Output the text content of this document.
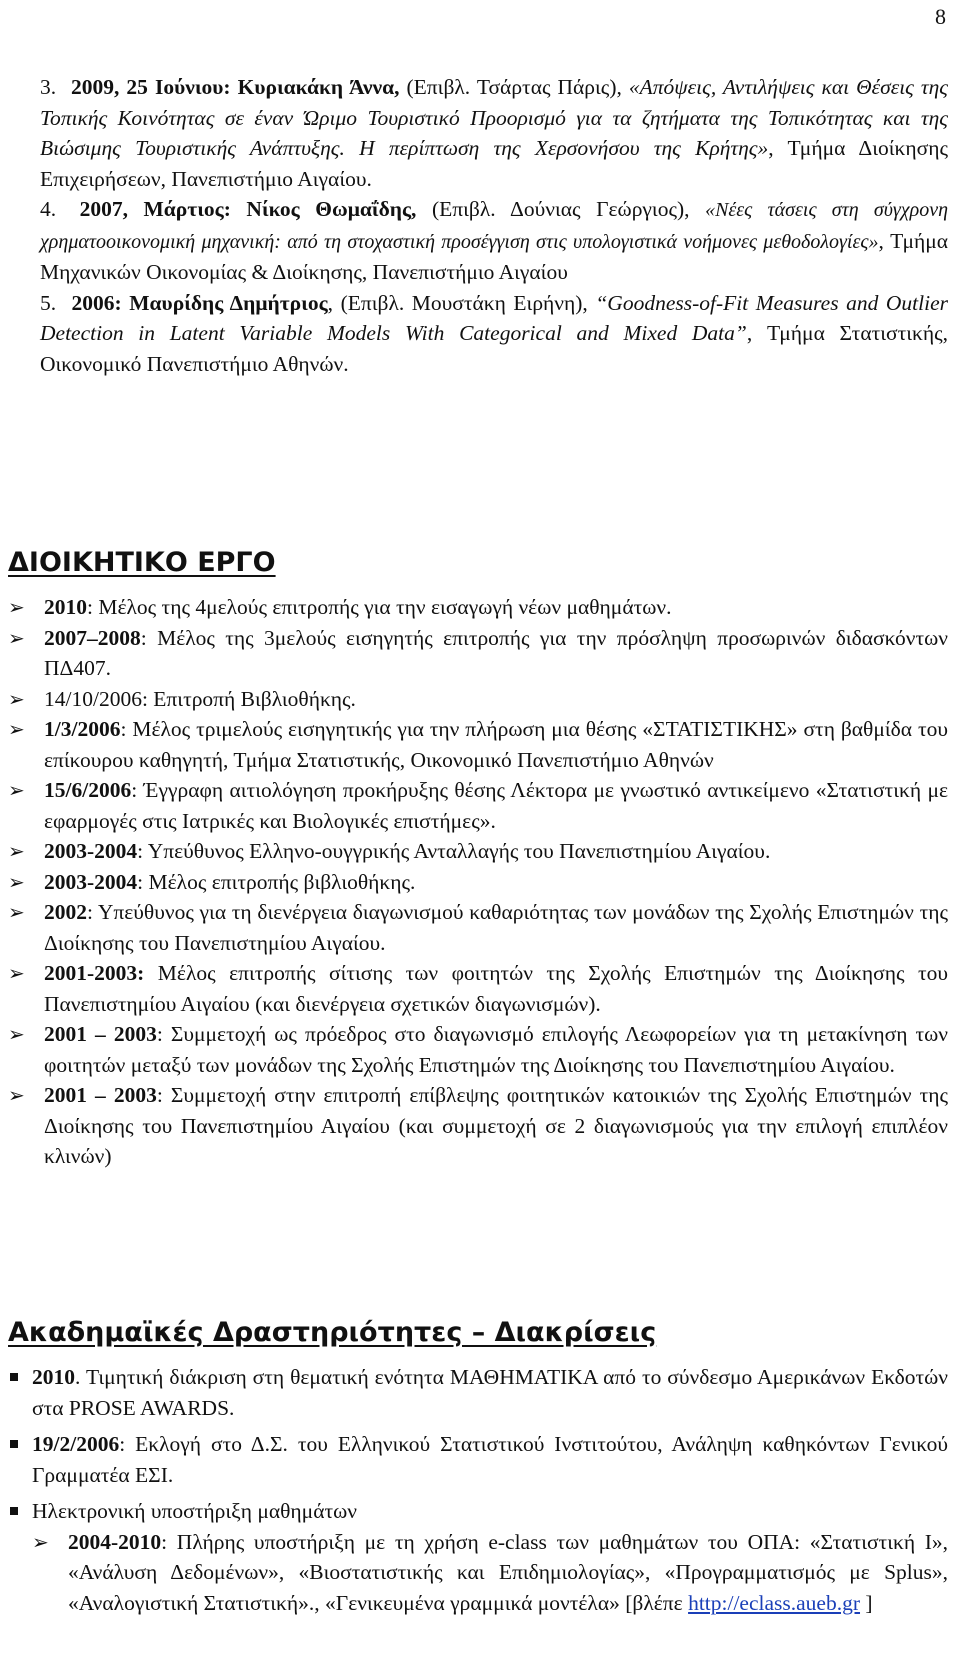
8
3. 2009, 25 Ιούνιου: Κυριακάκη Άννα, (Επιβλ. Τσάρτας Πάρις), «Απόψεις, Αντιλήψεις και Θέσεις της Τοπικής Κοινότητας σε έναν Ώριμο Τουριστικό Προορισμό για τα ζητήματα της Τοπικότητας και της Βιώσιμης Τουριστικής Ανάπτυξης. Η περίπτωση της Χερσονήσου της Κρήτης», Τμήμα Διοίκησης Επιχειρήσεων, Πανεπιστήμιο Αιγαίου.
4. 2007, Μάρτιος: Νίκος Θωμαΐδης, (Επιβλ. Δούνιας Γεώργιος), «Νέες τάσεις στη σύγχρονη χρηματοοικονομική μηχανική: από τη στοχαστική προσέγγιση στις υπολογιστικά νοήμονες μεθοδολογίες», Τμήμα Μηχανικών Οικονομίας & Διοίκησης, Πανεπιστήμιο Αιγαίου
5. 2006: Μαυρίδης Δημήτριος, (Επιβλ. Μουστάκη Ειρήνη), “Goodness-of-Fit Measures and Outlier Detection in Latent Variable Models With Categorical and Mixed Data”, Τμήμα Στατιστικής, Οικονομικό Πανεπιστήμιο Αθηνών.
ΔΙΟΙΚΗΤΙΚΟ ΕΡΓΟ
➢ 2010: Μέλος της 4μελούς επιτροπής για την εισαγωγή νέων μαθημάτων.
➢ 2007–2008: Μέλος της 3μελούς εισηγητής επιτροπής για την πρόσληψη προσωρινών διδασκόντων ΠΔ407.
➢ 14/10/2006: Επιτροπή Βιβλιοθήκης.
➢ 1/3/2006: Μέλος τριμελούς εισηγητικής για την πλήρωση μια θέσης «ΣΤΑΤΙΣΤΙΚΗΣ» στη βαθμίδα του επίκουρου καθηγητή, Τμήμα Στατιστικής, Οικονομικό Πανεπιστήμιο Αθηνών
➢ 15/6/2006: Έγγραφη αιτιολόγηση προκήρυξης θέσης Λέκτορα με γνωστικό αντικείμενο «Στατιστική με εφαρμογές στις Ιατρικές και Βιολογικές επιστήμες».
➢ 2003-2004: Υπεύθυνος Ελληνο-ουγγρικής Ανταλλαγής του Πανεπιστημίου Αιγαίου.
➢ 2003-2004: Μέλος επιτροπής βιβλιοθήκης.
➢ 2002: Υπεύθυνος για τη διενέργεια διαγωνισμού καθαριότητας των μονάδων της Σχολής Επιστημών της Διοίκησης του Πανεπιστημίου Αιγαίου.
➢ 2001-2003: Μέλος επιτροπής σίτισης των φοιτητών της Σχολής Επιστημών της Διοίκησης του Πανεπιστημίου Αιγαίου (και διενέργεια σχετικών διαγωνισμών).
➢ 2001 – 2003: Συμμετοχή ως πρόεδρος στο διαγωνισμό επιλογής Λεωφορείων για τη μετακίνηση των φοιτητών μεταξύ των μονάδων της Σχολής Επιστημών της Διοίκησης του Πανεπιστημίου Αιγαίου.
➢ 2001 – 2003: Συμμετοχή στην επιτροπή επίβλεψης φοιτητικών κατοικιών της Σχολής Επιστημών της Διοίκησης του Πανεπιστημίου Αιγαίου (και συμμετοχή σε 2 διαγωνισμούς για την επιλογή επιπλέον κλινών)
Ακαδημαϊκές Δραστηριότητες – Διακρίσεις
2010. Τιμητική διάκριση στη θεματική ενότητα ΜΑΘΗΜΑΤΙΚΑ από το σύνδεσμο Αμερικάνων Εκδοτών στα PROSE AWARDS.
19/2/2006: Εκλογή στο Δ.Σ. του Ελληνικού Στατιστικού Ινστιτούτου, Ανάληψη καθηκόντων Γενικού Γραμματέα ΕΣΙ.
Ηλεκτρονική υποστήριξη μαθημάτων
➢ 2004-2010: Πλήρης υποστήριξη με τη χρήση e-class των μαθημάτων του ΟΠΑ: «Στατιστική Ι», «Ανάλυση Δεδομένων», «Βιοστατιστικής και Επιδημιολογίας», «Προγραμματισμός με Splus», «Αναλογιστική Στατιστική»., «Γενικευμένα γραμμικά μοντέλα» [βλέπε http://eclass.aueb.gr ]
